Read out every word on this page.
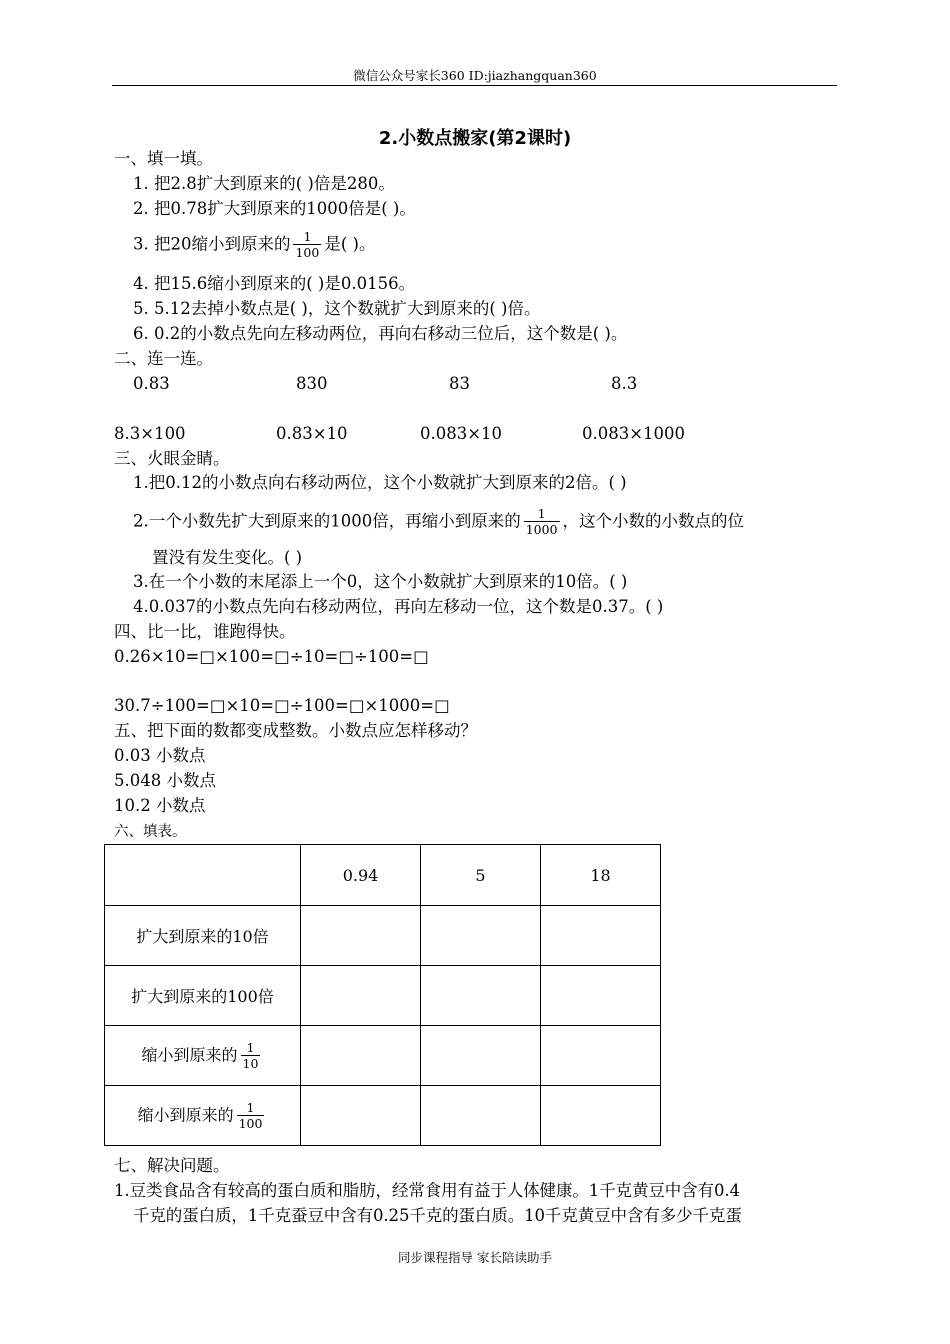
微信公众号家长360 ID:jiazhangquan360
2.小数点搬家(第2课时)
一、填一填。
1. 把2.8扩大到原来的( )倍是280。
2. 把0.78扩大到原来的1000倍是( )。
3. 把20缩小到原来的 $\frac{1}{100}$ 是( )。
4. 把15.6缩小到原来的( )是0.0156。
5. 5.12去掉小数点是( )，这个数就扩大到原来的( )倍。
6. 0.2的小数点先向左移动两位，再向右移动三位后，这个数是( )。
二、连一连。
0.83	830	83	8.3
8.3×100	0.83×10	0.083×10	0.083×1000
三、火眼金睛。
1.把0.12的小数点向右移动两位，这个小数就扩大到原来的2倍。( )
2.一个小数先扩大到原来的1000倍，再缩小到原来的 $\frac{1}{1000}$ ，这个小数的小数点的位
置没有发生变化。( )
3.在一个小数的末尾添上一个0，这个小数就扩大到原来的10倍。( )
4.0.037的小数点先向右移动两位，再向左移动一位，这个数是0.37。( )
四、比一比，谁跑得快。
0.26×10=□×100=□÷10=□÷100=□
30.7÷100=□×10=□÷100=□×1000=□
五、把下面的数都变成整数。小数点应怎样移动？
0.03 小数点
5.048 小数点
10.2 小数点
六、填表。
	0.94	5	18
扩大到原来的10倍			
扩大到原来的100倍			
缩小到原来的 $\frac{1}{10}$

缩小到原来的 $\frac{1}{100}$

七、解决问题。
1.豆类食品含有较高的蛋白质和脂肪，经常食用有益于人体健康。1千克黄豆中含有0.4
千克的蛋白质，1千克蚕豆中含有0.25千克的蛋白质。10千克黄豆中含有多少千克蛋
同步课程指导 家长陪读助手
